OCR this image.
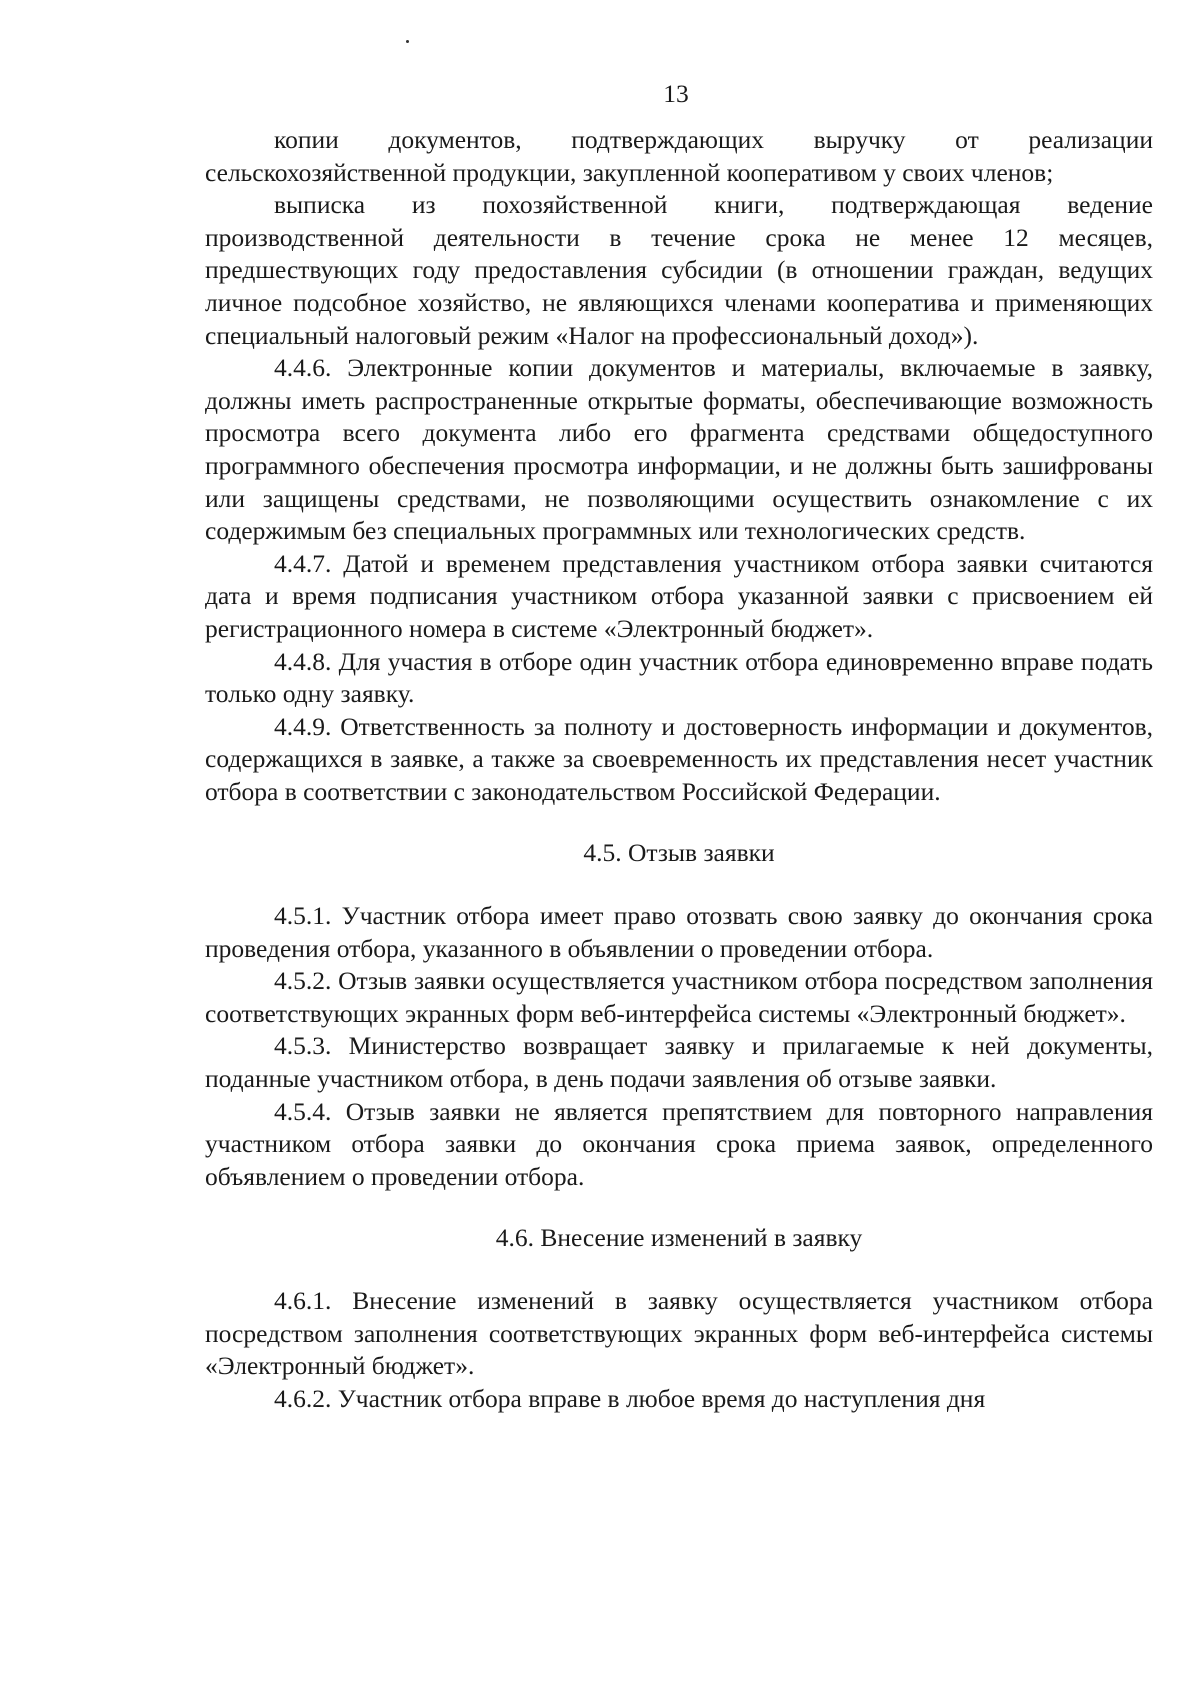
13

копии документов, подтверждающих выручку от реализации сельскохозяйственной продукции, закупленной кооперативом у своих членов;

выписка из похозяйственной книги, подтверждающая ведение производственной деятельности в течение срока не менее 12 месяцев, предшествующих году предоставления субсидии (в отношении граждан, ведущих личное подсобное хозяйство, не являющихся членами кооператива и применяющих специальный налоговый режим «Налог на профессиональный доход»).

4.4.6. Электронные копии документов и материалы, включаемые в заявку, должны иметь распространенные открытые форматы, обеспечивающие возможность просмотра всего документа либо его фрагмента средствами общедоступного программного обеспечения просмотра информации, и не должны быть зашифрованы или защищены средствами, не позволяющими осуществить ознакомление с их содержимым без специальных программных или технологических средств.

4.4.7. Датой и временем представления участником отбора заявки считаются дата и время подписания участником отбора указанной заявки с присвоением ей регистрационного номера в системе «Электронный бюджет».

4.4.8. Для участия в отборе один участник отбора единовременно вправе подать только одну заявку.

4.4.9. Ответственность за полноту и достоверность информации и документов, содержащихся в заявке, а также за своевременность их представления несет участник отбора в соответствии с законодательством Российской Федерации.

4.5. Отзыв заявки

4.5.1. Участник отбора имеет право отозвать свою заявку до окончания срока проведения отбора, указанного в объявлении о проведении отбора.

4.5.2. Отзыв заявки осуществляется участником отбора посредством заполнения соответствующих экранных форм веб-интерфейса системы «Электронный бюджет».

4.5.3. Министерство возвращает заявку и прилагаемые к ней документы, поданные участником отбора, в день подачи заявления об отзыве заявки.

4.5.4. Отзыв заявки не является препятствием для повторного направления участником отбора заявки до окончания срока приема заявок, определенного объявлением о проведении отбора.

4.6. Внесение изменений в заявку

4.6.1. Внесение изменений в заявку осуществляется участником отбора посредством заполнения соответствующих экранных форм веб-интерфейса системы «Электронный бюджет».

4.6.2. Участник отбора вправе в любое время до наступления дня
